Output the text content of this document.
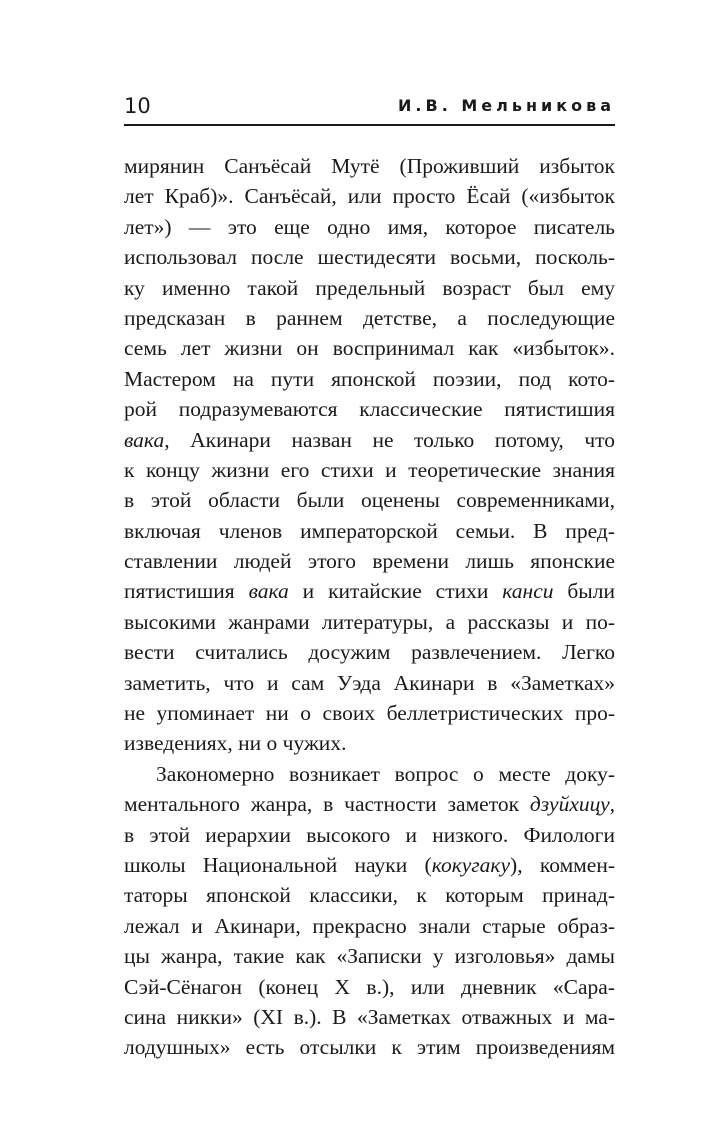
10	И.В. Мельникова
мирянин Санъёсай Мутё (Проживший избыток
лет Краб)». Санъёсай, или просто Ёсай («избыток
лет») — это еще одно имя, которое писатель
использовал после шестидесяти восьми, посколь-
ку именно такой предельный возраст был ему
предсказан в раннем детстве, а последующие
семь лет жизни он воспринимал как «избыток».
Мастером на пути японской поэзии, под кото-
рой подразумеваются классические пятистишия
вака, Акинари назван не только потому, что
к концу жизни его стихи и теоретические знания
в этой области были оценены современниками,
включая членов императорской семьи. В пред-
ставлении людей этого времени лишь японские
пятистишия вака и китайские стихи канси были
высокими жанрами литературы, а рассказы и по-
вести считались досужим развлечением. Легко
заметить, что и сам Уэда Акинари в «Заметках»
не упоминает ни о своих беллетристических про-
изведениях, ни о чужих.
Закономерно возникает вопрос о месте доку-
ментального жанра, в частности заметок дзуйхицу,
в этой иерархии высокого и низкого. Филологи
школы Национальной науки (кокугаку), коммен-
таторы японской классики, к которым принад-
лежал и Акинари, прекрасно знали старые образ-
цы жанра, такие как «Записки у изголовья» дамы
Сэй-Сёнагон (конец X в.), или дневник «Сара-
сина никки» (XI в.). В «Заметках отважных и ма-
лодушных» есть отсылки к этим произведениям
